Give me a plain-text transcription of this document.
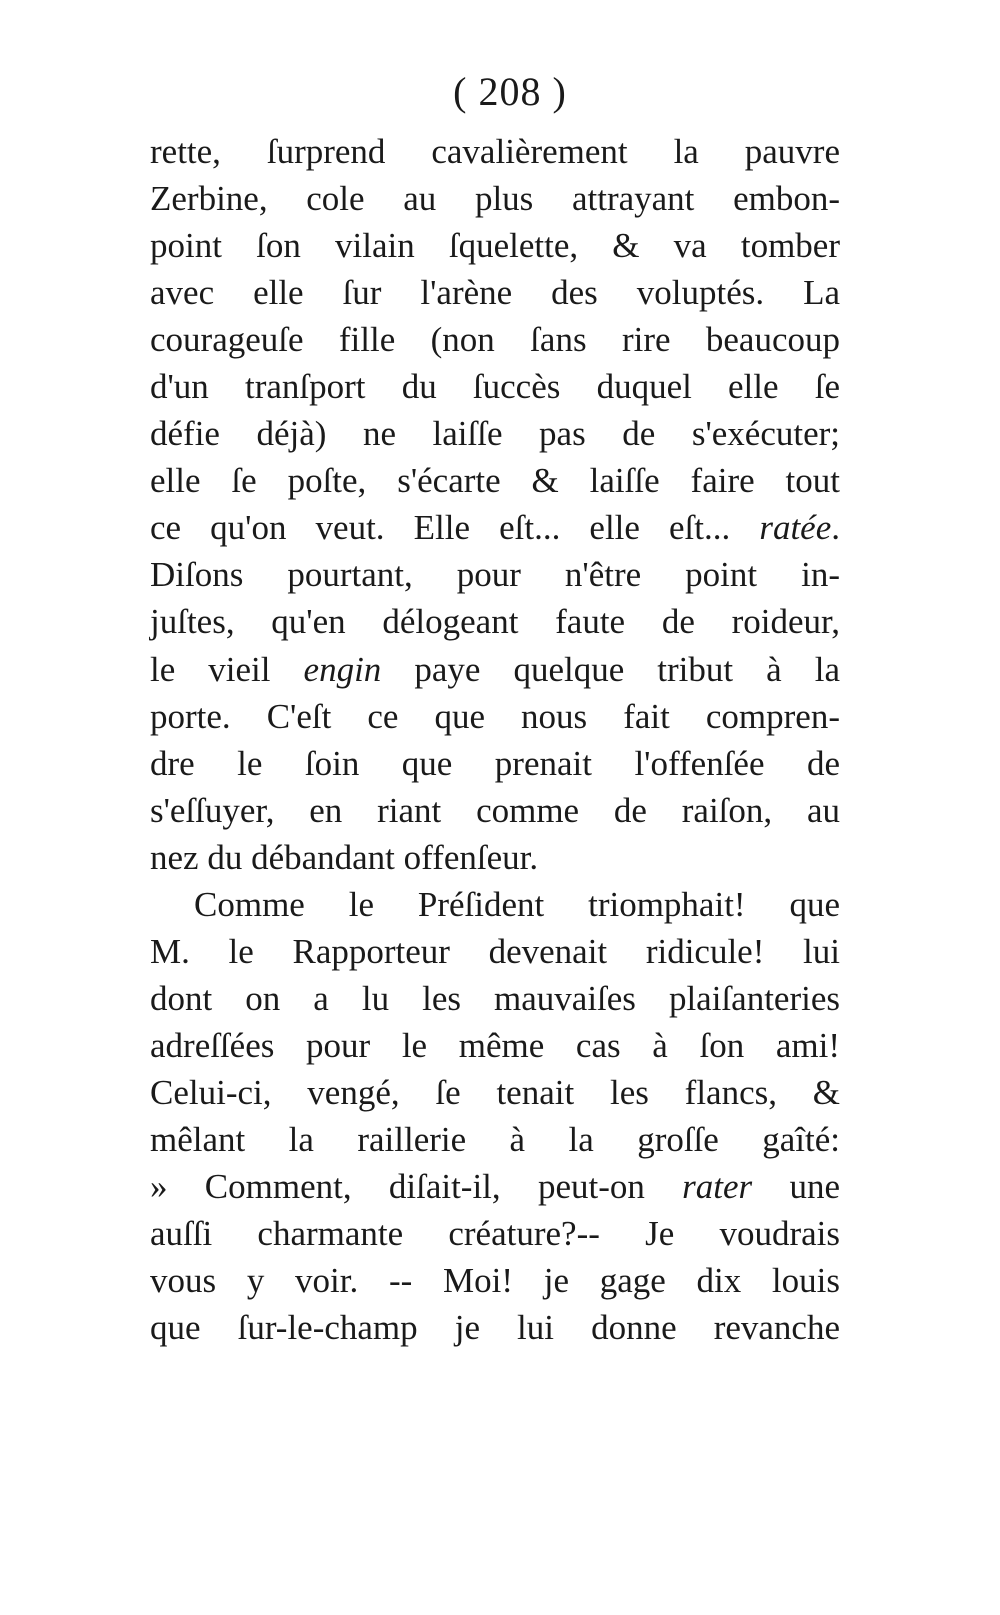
( 208 )
rette, ſurprend cavalièrement la pauvre
Zerbine, cole au plus attrayant embon-
point ſon vilain ſquelette, & va tomber
avec elle ſur l'arène des voluptés. La
courageuſe fille (non ſans rire beaucoup
d'un tranſport du ſuccès duquel elle ſe
défie déjà) ne laiſſe pas de s'exécuter;
elle ſe poſte, s'écarte & laiſſe faire tout
ce qu'on veut. Elle eſt... elle eſt... ratée.
Diſons pourtant, pour n'être point in-
juſtes, qu'en délogeant faute de roideur,
le vieil engin paye quelque tribut à la
porte. C'eſt ce que nous fait compren-
dre le ſoin que prenait l'offenſée de
s'eſſuyer, en riant comme de raiſon, au
nez du débandant offenſeur.
Comme le Préſident triomphait! que
M. le Rapporteur devenait ridicule! lui
dont on a lu les mauvaiſes plaiſanteries
adreſſées pour le même cas à ſon ami!
Celui-ci, vengé, ſe tenait les flancs, &
mêlant la raillerie à la groſſe gaîté:
» Comment, diſait-il, peut-on rater une
auſſi charmante créature?-- Je voudrais
vous y voir. -- Moi! je gage dix louis
que ſur-le-champ je lui donne revanche
